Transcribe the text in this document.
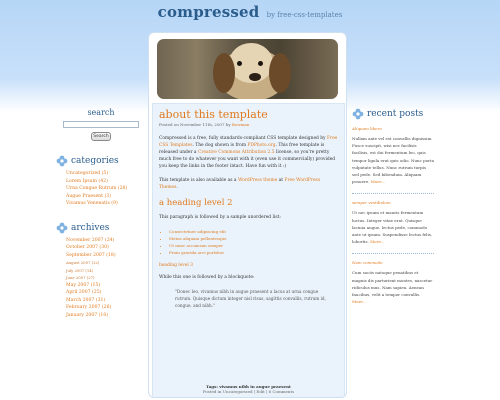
compressed by free-css-templates
search
Search
categories
Uncategorized (5)
Lorem Ipsum (42)
Urna Congue Rutrum (28)
Augue Praesent (3)
Vivamus Venenatis (9)
archives
November 2007 (24)
October 2007 (30)
September 2007 (18)
August 2007 (22)
July 2007 (14)
June 2007 (27)
May 2007 (15)
April 2007 (25)
March 2007 (31)
February 2007 (26)
January 2007 (10)
about this template
Posted on November 11th, 2007 by Bowman

Compressed is a free, fully standards-compliant CSS template designed by Free CSS Templates. The dog shown is from PDPhoto.org. This free template is released under a Creative Commons Attribution 2.5 license, so you're pretty much free to do whatever you want with it (even use it commercially) provided you keep the links in the footer intact. Have fun with it :)

This template is also available as a WordPress theme at Free WordPress Themes.

a heading level 2

This paragraph is followed by a sample unordered list:

• Consectetuer adipiscing elit
• Metus aliquam pellentesque
• Ut nunc accumsan semper
• Proin gravida orci porttitor
heading level 3

While this one is followed by a blockquote:

"Donec leo, vivamus nibh in augue praesent a lacus at urna congue rutrum. Quisque dictum integer nisl risus, sagittis convallis, rutrum id, congue, and nibh."
Tags: vivamus nibh in augue praesent
Posted in Uncategorized | Edit | 6 Comments
recent posts
Aliquam libero
Nullam ante vel est convallis dignissim. Fusce suscipit, wisi nec facilisis facilisis, est dui fermentum leo, quis tempor ligula erat quis odio. Nunc porta vulputate tellus. Nunc rutrum turpis sed pede. Sed bibendum. Aliquam posuere. More...
semper vestibulum
Ut nec ipsum et mauris fermentum luctus. Integer vitae erat. Quisque lacinia augue, lectus pede, commodo ante ut ipsum. Suspendisse lectus felis, lobortis. More...
Nam commodo
Cum sociis natoque penatibus et magnis dis parturient montes, nascetur ridiculus mus. Nam sapien. Aenean faucibus, velit a tempor convallis. More...
